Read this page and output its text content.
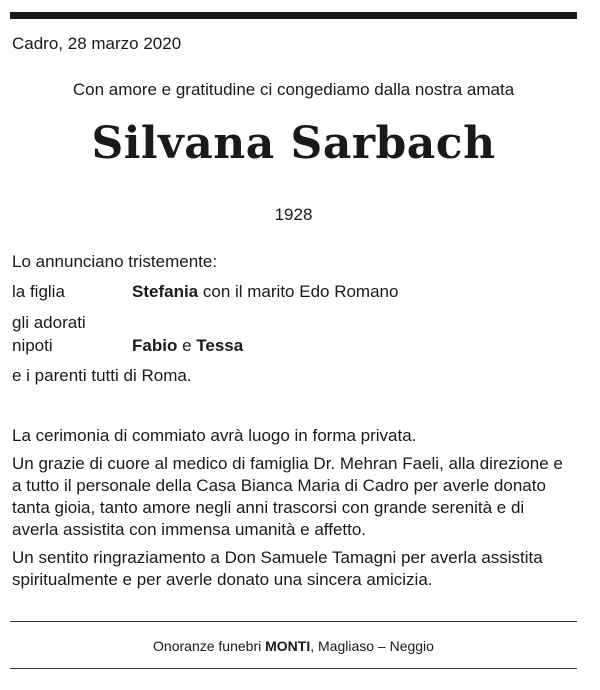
Cadro, 28 marzo 2020
Con amore e gratitudine ci congediamo dalla nostra amata
Silvana Sarbach
1928
Lo annunciano tristemente:
la figlia	Stefania con il marito Edo Romano
gli adorati
nipoti	Fabio e Tessa
e i parenti tutti di Roma.

La cerimonia di commiato avrà luogo in forma privata.

Un grazie di cuore al medico di famiglia Dr. Mehran Faeli, alla direzione e a tutto il personale della Casa Bianca Maria di Cadro per averle donato tanta gioia, tanto amore negli anni trascorsi con grande serenità e di averla assistita con immensa umanità e affetto.

Un sentito ringraziamento a Don Samuele Tamagni per averla assistita spiritualmente e per averle donato una sincera amicizia.

Onoranze funebri MONTI, Magliaso – Neggio
